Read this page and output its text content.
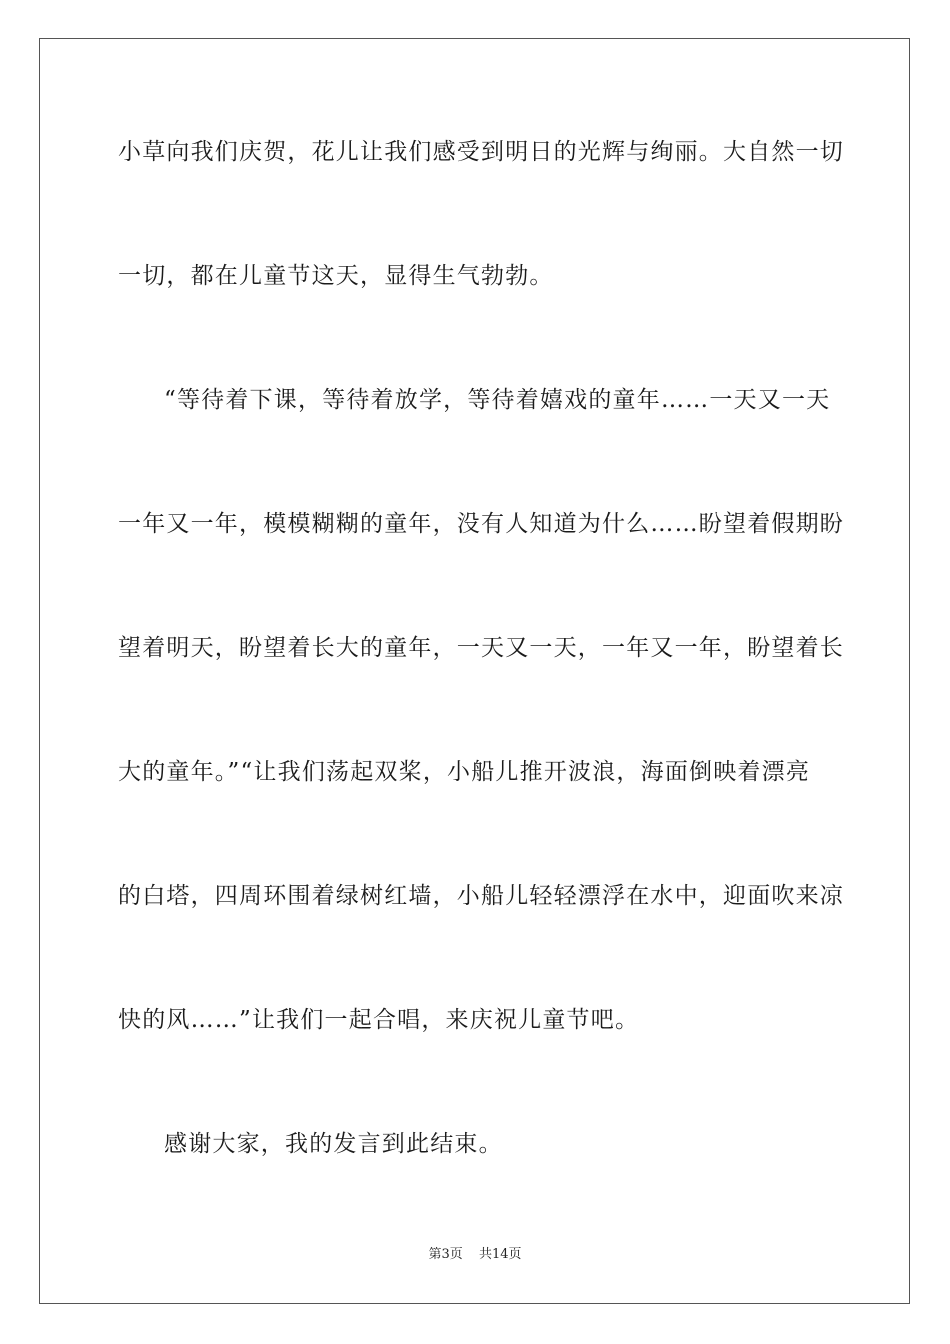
小草向我们庆贺，花儿让我们感受到明日的光辉与绚丽。大自然一切
一切，都在儿童节这天，显得生气勃勃。
“等待着下课，等待着放学，等待着嬉戏的童年……一天又一天
一年又一年，模模糊糊的童年，没有人知道为什么……盼望着假期盼
望着明天，盼望着长大的童年，一天又一天，一年又一年，盼望着长
大的童年。”“让我们荡起双桨，小船儿推开波浪，海面倒映着漂亮
的白塔，四周环围着绿树红墙，小船儿轻轻漂浮在水中，迎面吹来凉
快的风……”让我们一起合唱，来庆祝儿童节吧。
感谢大家，我的发言到此结束。
第3页 共14页
